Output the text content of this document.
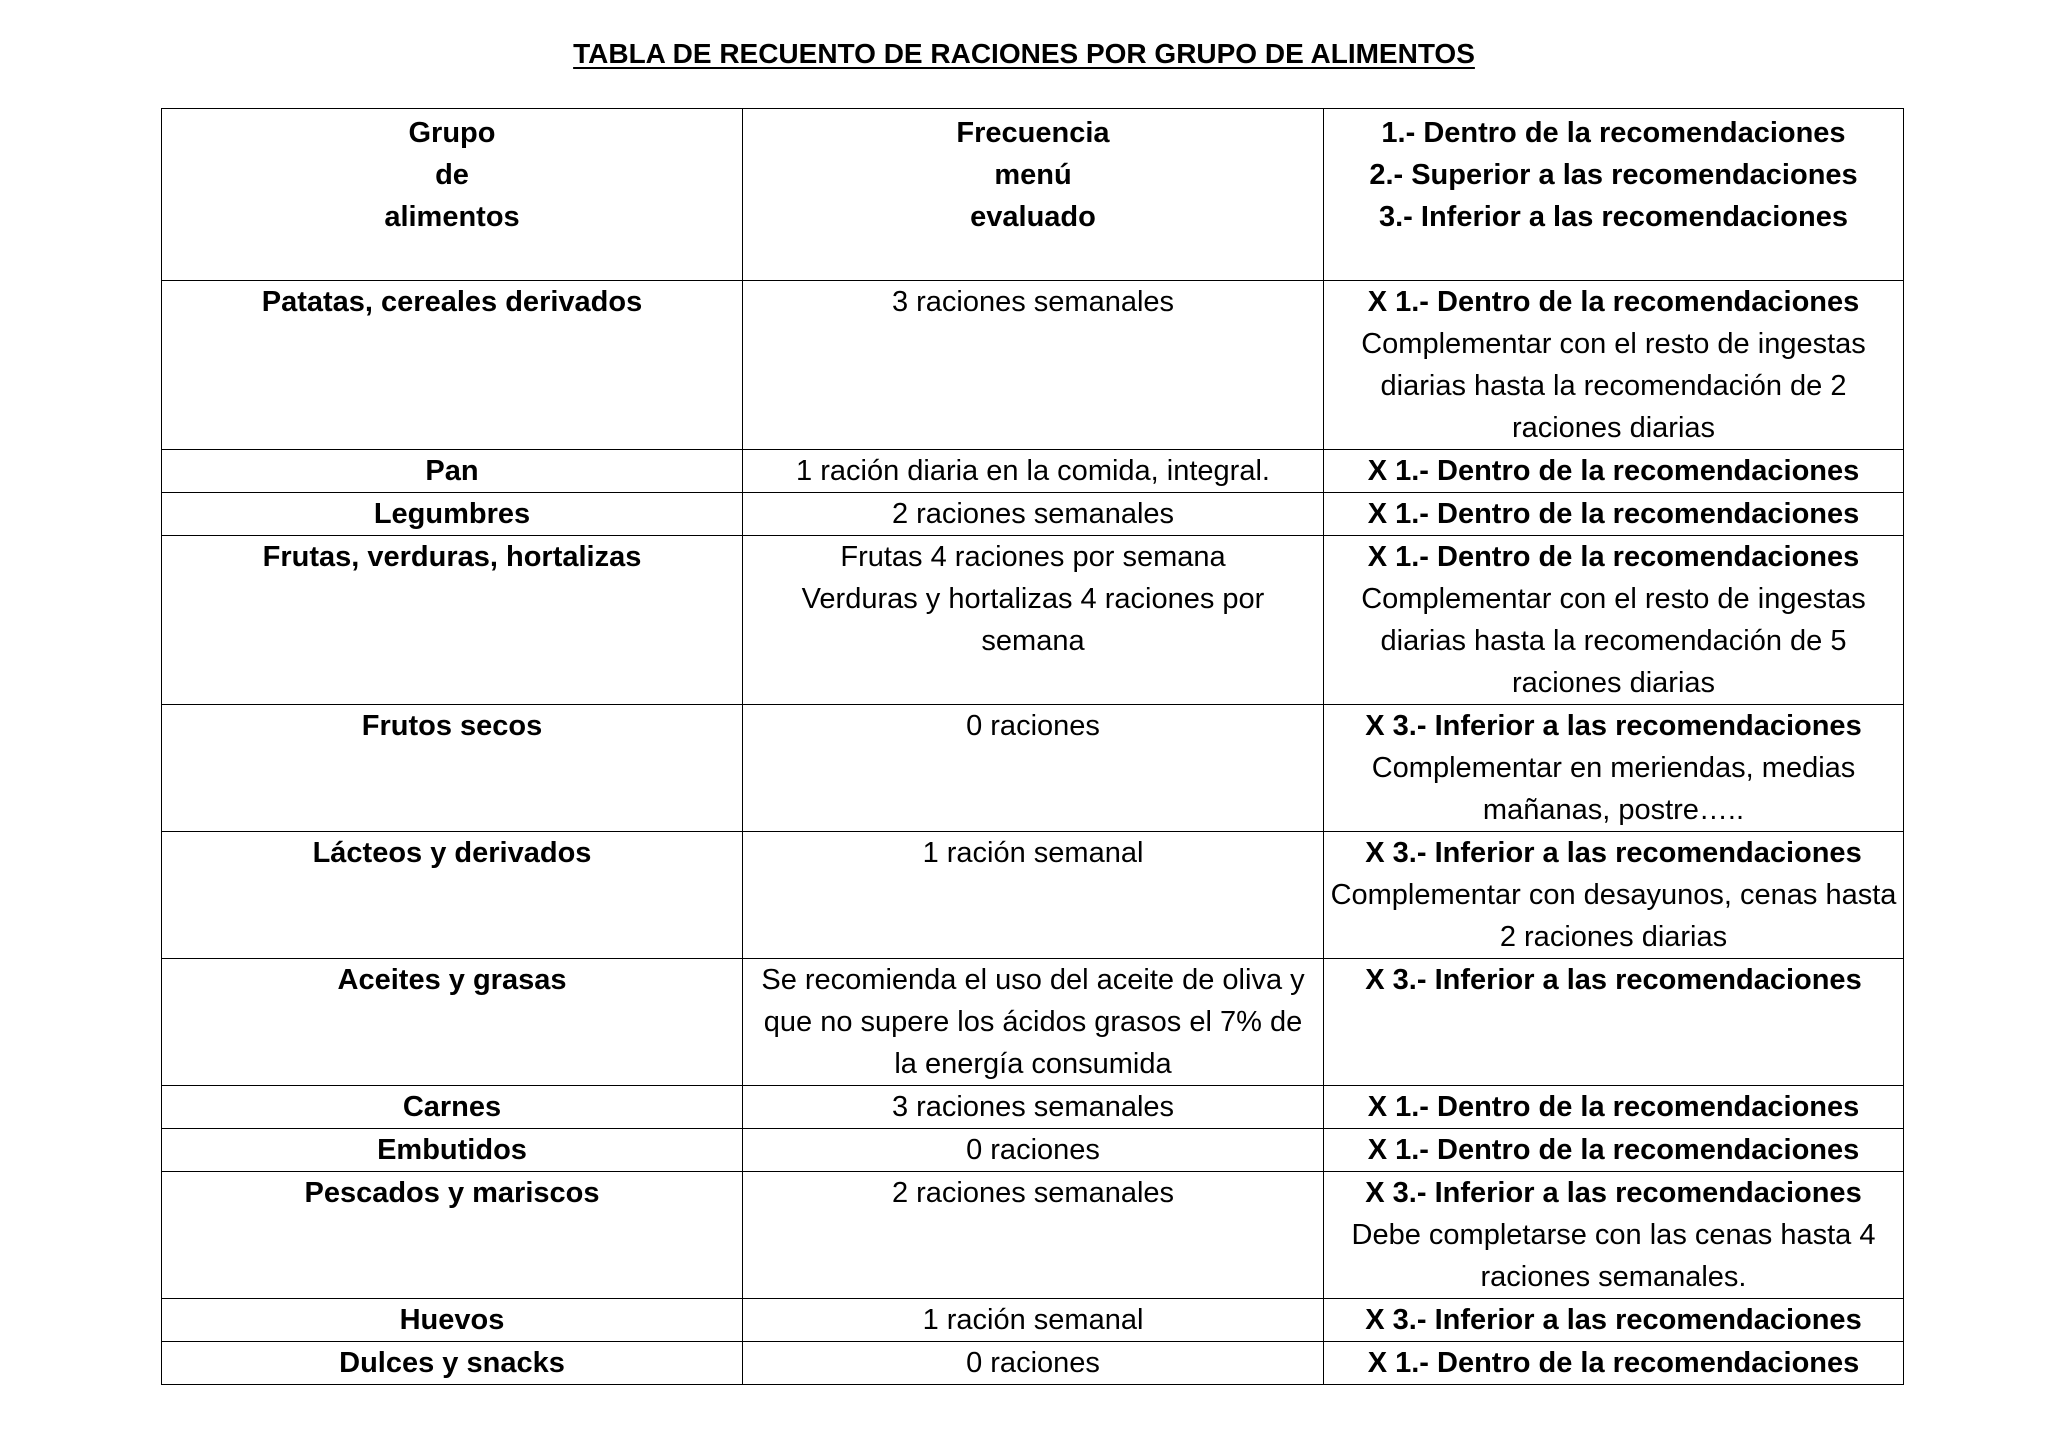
TABLA DE RECUENTO DE RACIONES POR GRUPO DE ALIMENTOS
Grupo
de
alimentos	Frecuencia
menú
evaluado	1.- Dentro de la recomendaciones
2.- Superior a las recomendaciones
3.- Inferior a las recomendaciones
Patatas, cereales derivados	3 raciones semanales	X 1.- Dentro de la recomendaciones
Complementar con el resto de ingestas diarias hasta la recomendación de 2 raciones diarias

Pan	1 ración diaria en la comida, integral.	X 1.- Dentro de la recomendaciones

Legumbres	2 raciones semanales	X 1.- Dentro de la recomendaciones

Frutas, verduras, hortalizas	Frutas 4 raciones por semana
Verduras y hortalizas 4 raciones por semana	X 1.- Dentro de la recomendaciones
Complementar con el resto de ingestas diarias hasta la recomendación de 5 raciones diarias

Frutos secos	0 raciones	X 3.- Inferior a las recomendaciones
Complementar en meriendas, medias mañanas, postre…..

Lácteos y derivados	1 ración semanal	X 3.- Inferior a las recomendaciones
Complementar con desayunos, cenas hasta 2 raciones diarias

Aceites y grasas	Se recomienda el uso del aceite de oliva y que no supere los ácidos grasos el 7% de la energía consumida	X 3.- Inferior a las recomendaciones

Carnes	3 raciones semanales	X 1.- Dentro de la recomendaciones

Embutidos	0 raciones	X 1.- Dentro de la recomendaciones

Pescados y mariscos	2 raciones semanales	X 3.- Inferior a las recomendaciones
Debe completarse con las cenas hasta 4 raciones semanales.

Huevos	1 ración semanal	X 3.- Inferior a las recomendaciones

Dulces y snacks	0 raciones	X 1.- Dentro de la recomendaciones
